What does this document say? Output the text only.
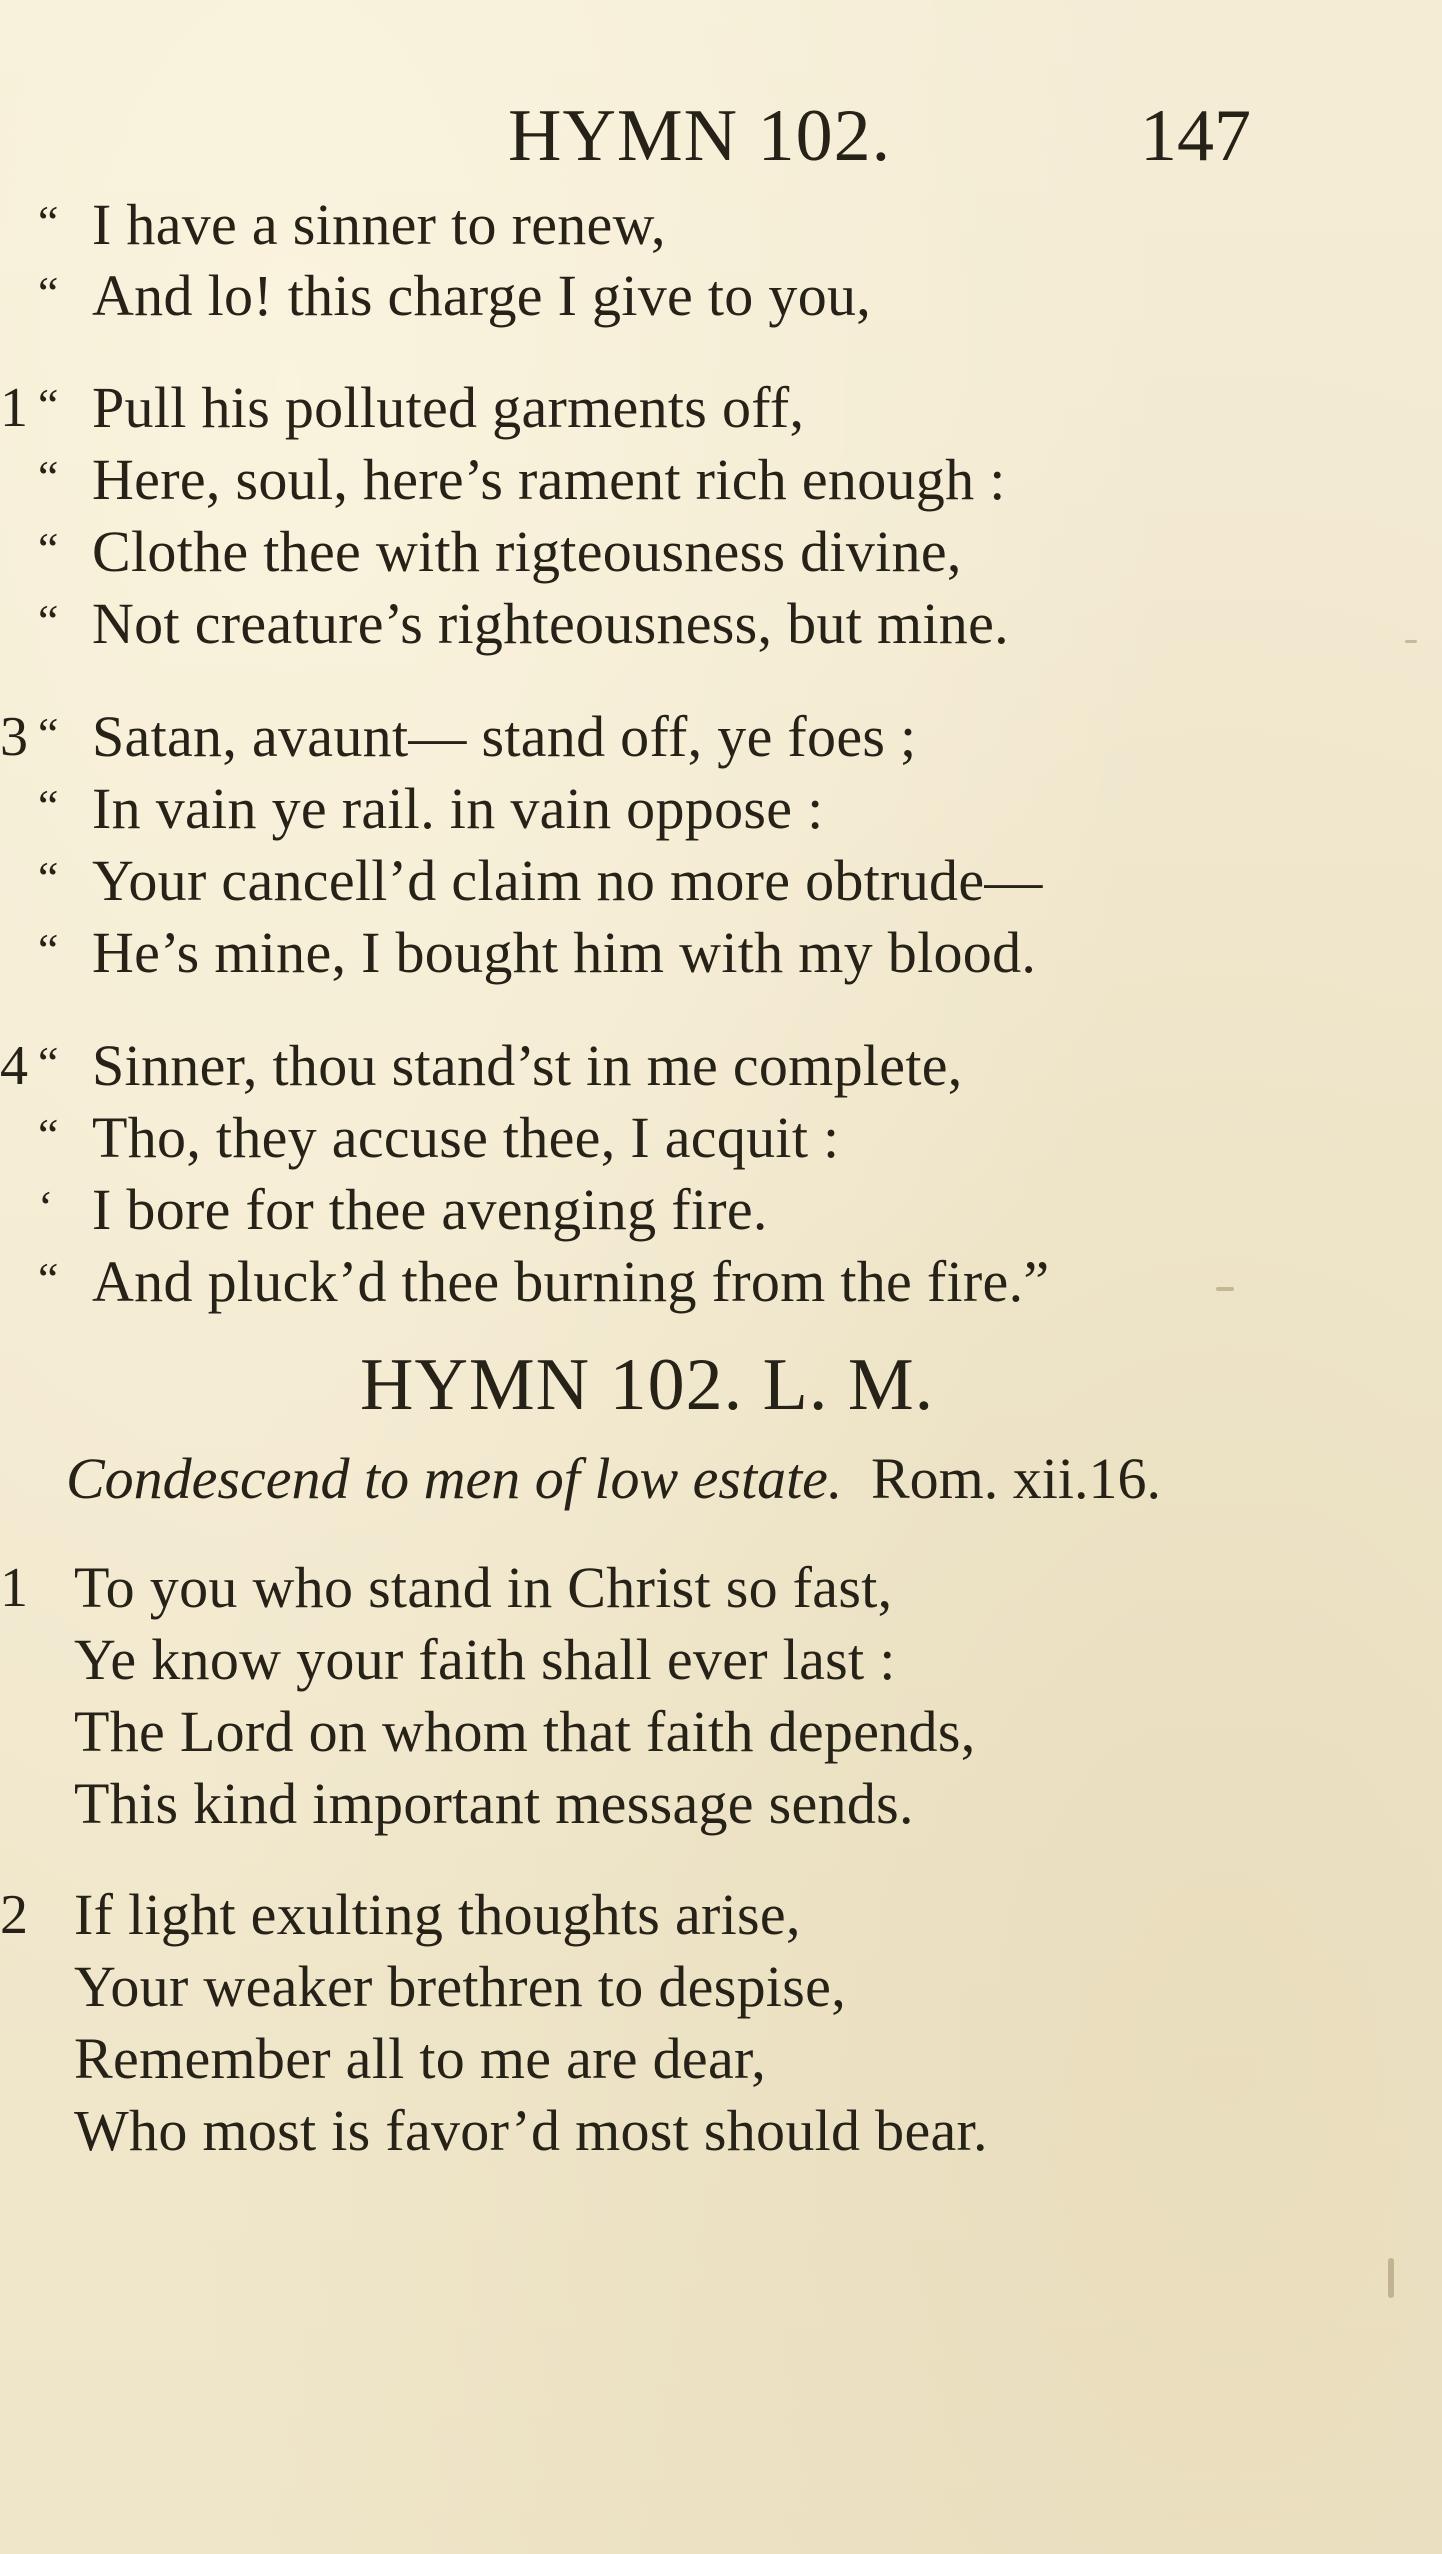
HYMN 102.	147
“ I have a sinner to renew,
“ And lo! this charge I give to you,
1 “ Pull his polluted garments off,
“ Here, soul, here’s rament rich enough :
“ Clothe thee with rigteousness divine,
“ Not creature’s righteousness, but mine.
3 “ Satan, avaunt— stand off, ye foes ;
“ In vain ye rail. in vain oppose :
“ Your cancell’d claim no more obtrude—
“ He’s mine, I bought him with my blood.
4 “ Sinner, thou stand’st in me complete,
“ Tho, they accuse thee, I acquit :
‘ I bore for thee avenging fire.
“ And pluck’d thee burning from the fire.”
HYMN 102. L. M.
Condescend to men of low estate. Rom. xii.16.
1 To you who stand in Christ so fast,
Ye know your faith shall ever last :
The Lord on whom that faith depends,
This kind important message sends.
2 If light exulting thoughts arise,
Your weaker brethren to despise,
Remember all to me are dear,
Who most is favor’d most should bear.
